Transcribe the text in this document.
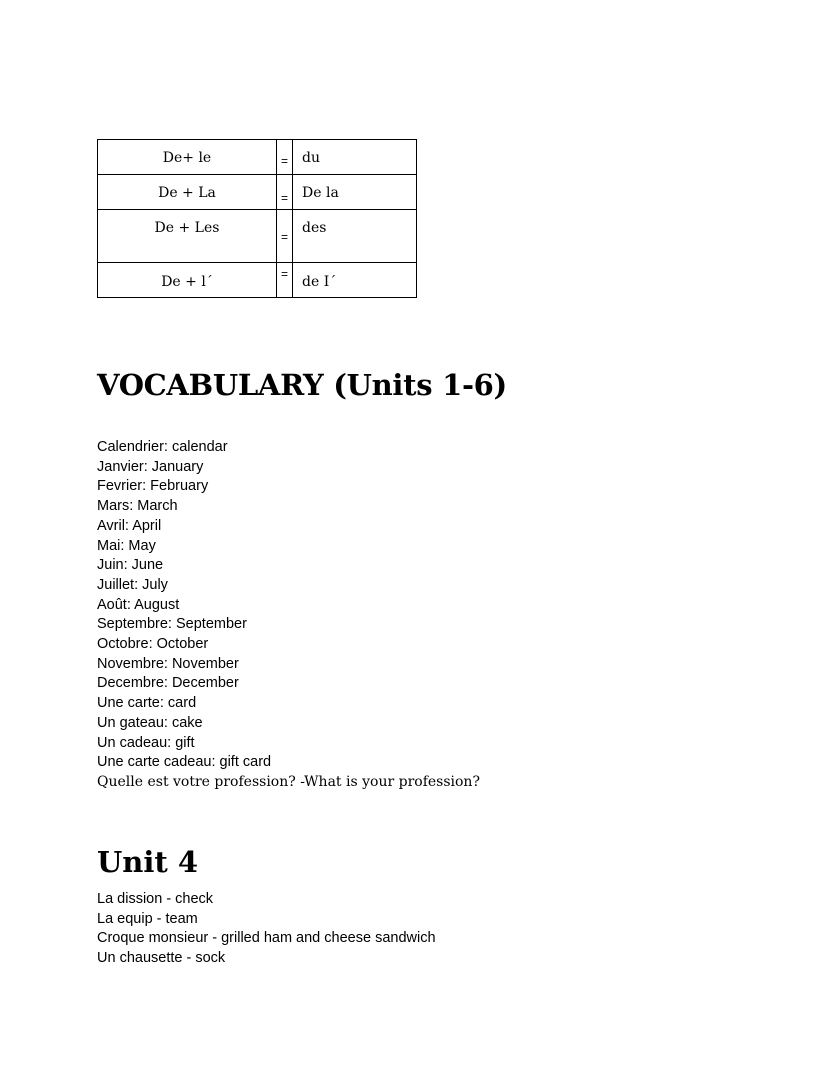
De+ le	=	du

De + La	=	De la

De + Les	=	des

De + l´	=	de I´
VOCABULARY (Units 1-6)
Calendrier: calendar
Janvier: January
Fevrier: February
Mars: March
Avril: April
Mai: May
Juin: June
Juillet: July
Août: August
Septembre: September
Octobre: October
Novembre: November
Decembre: December
Une carte: card
Un gateau: cake
Un cadeau: gift
Une carte cadeau: gift card

Quelle est votre profession? -What is your profession?

Unit 4
La dission - check
La equip - team
Croque monsieur - grilled ham and cheese sandwich
Un chausette - sock
